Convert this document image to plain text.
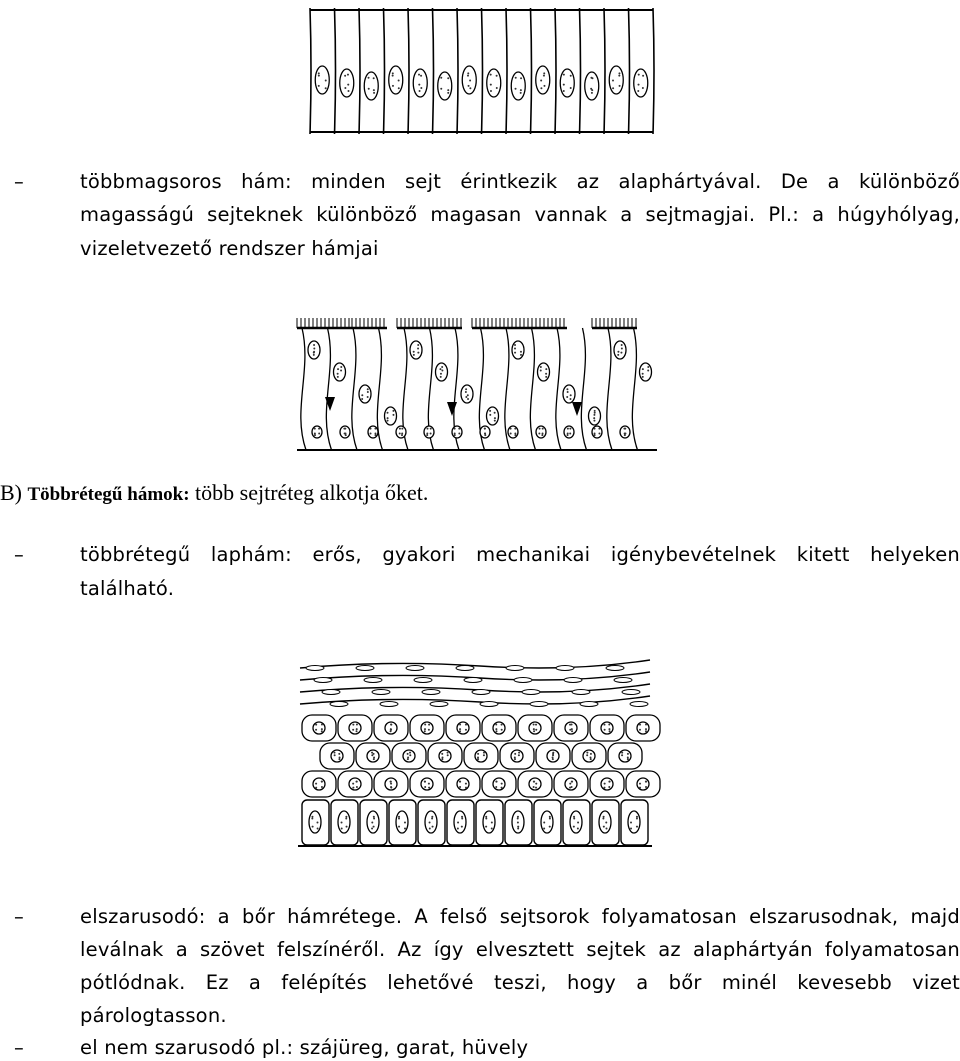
–	többmagsoros hám: minden sejt érintkezik az alaphártyával. De a különböző
magasságú sejteknek különböző magasan vannak a sejtmagjai. Pl.: a húgyhólyag,
vizeletvezető rendszer hámjai
B) Többrétegű hámok: több sejtréteg alkotja őket.
–	többrétegű laphám: erős, gyakori mechanikai igénybevételnek kitett helyeken
található.
–	elszarusodó: a bőr hámrétege. A felső sejtsorok folyamatosan elszarusodnak, majd
leválnak a szövet felszínéről. Az így elvesztett sejtek az alaphártyán folyamatosan
pótlódnak. Ez a felépítés lehetővé teszi, hogy a bőr minél kevesebb vizet
párologtasson.
–	el nem szarusodó pl.: szájüreg, garat, hüvely
